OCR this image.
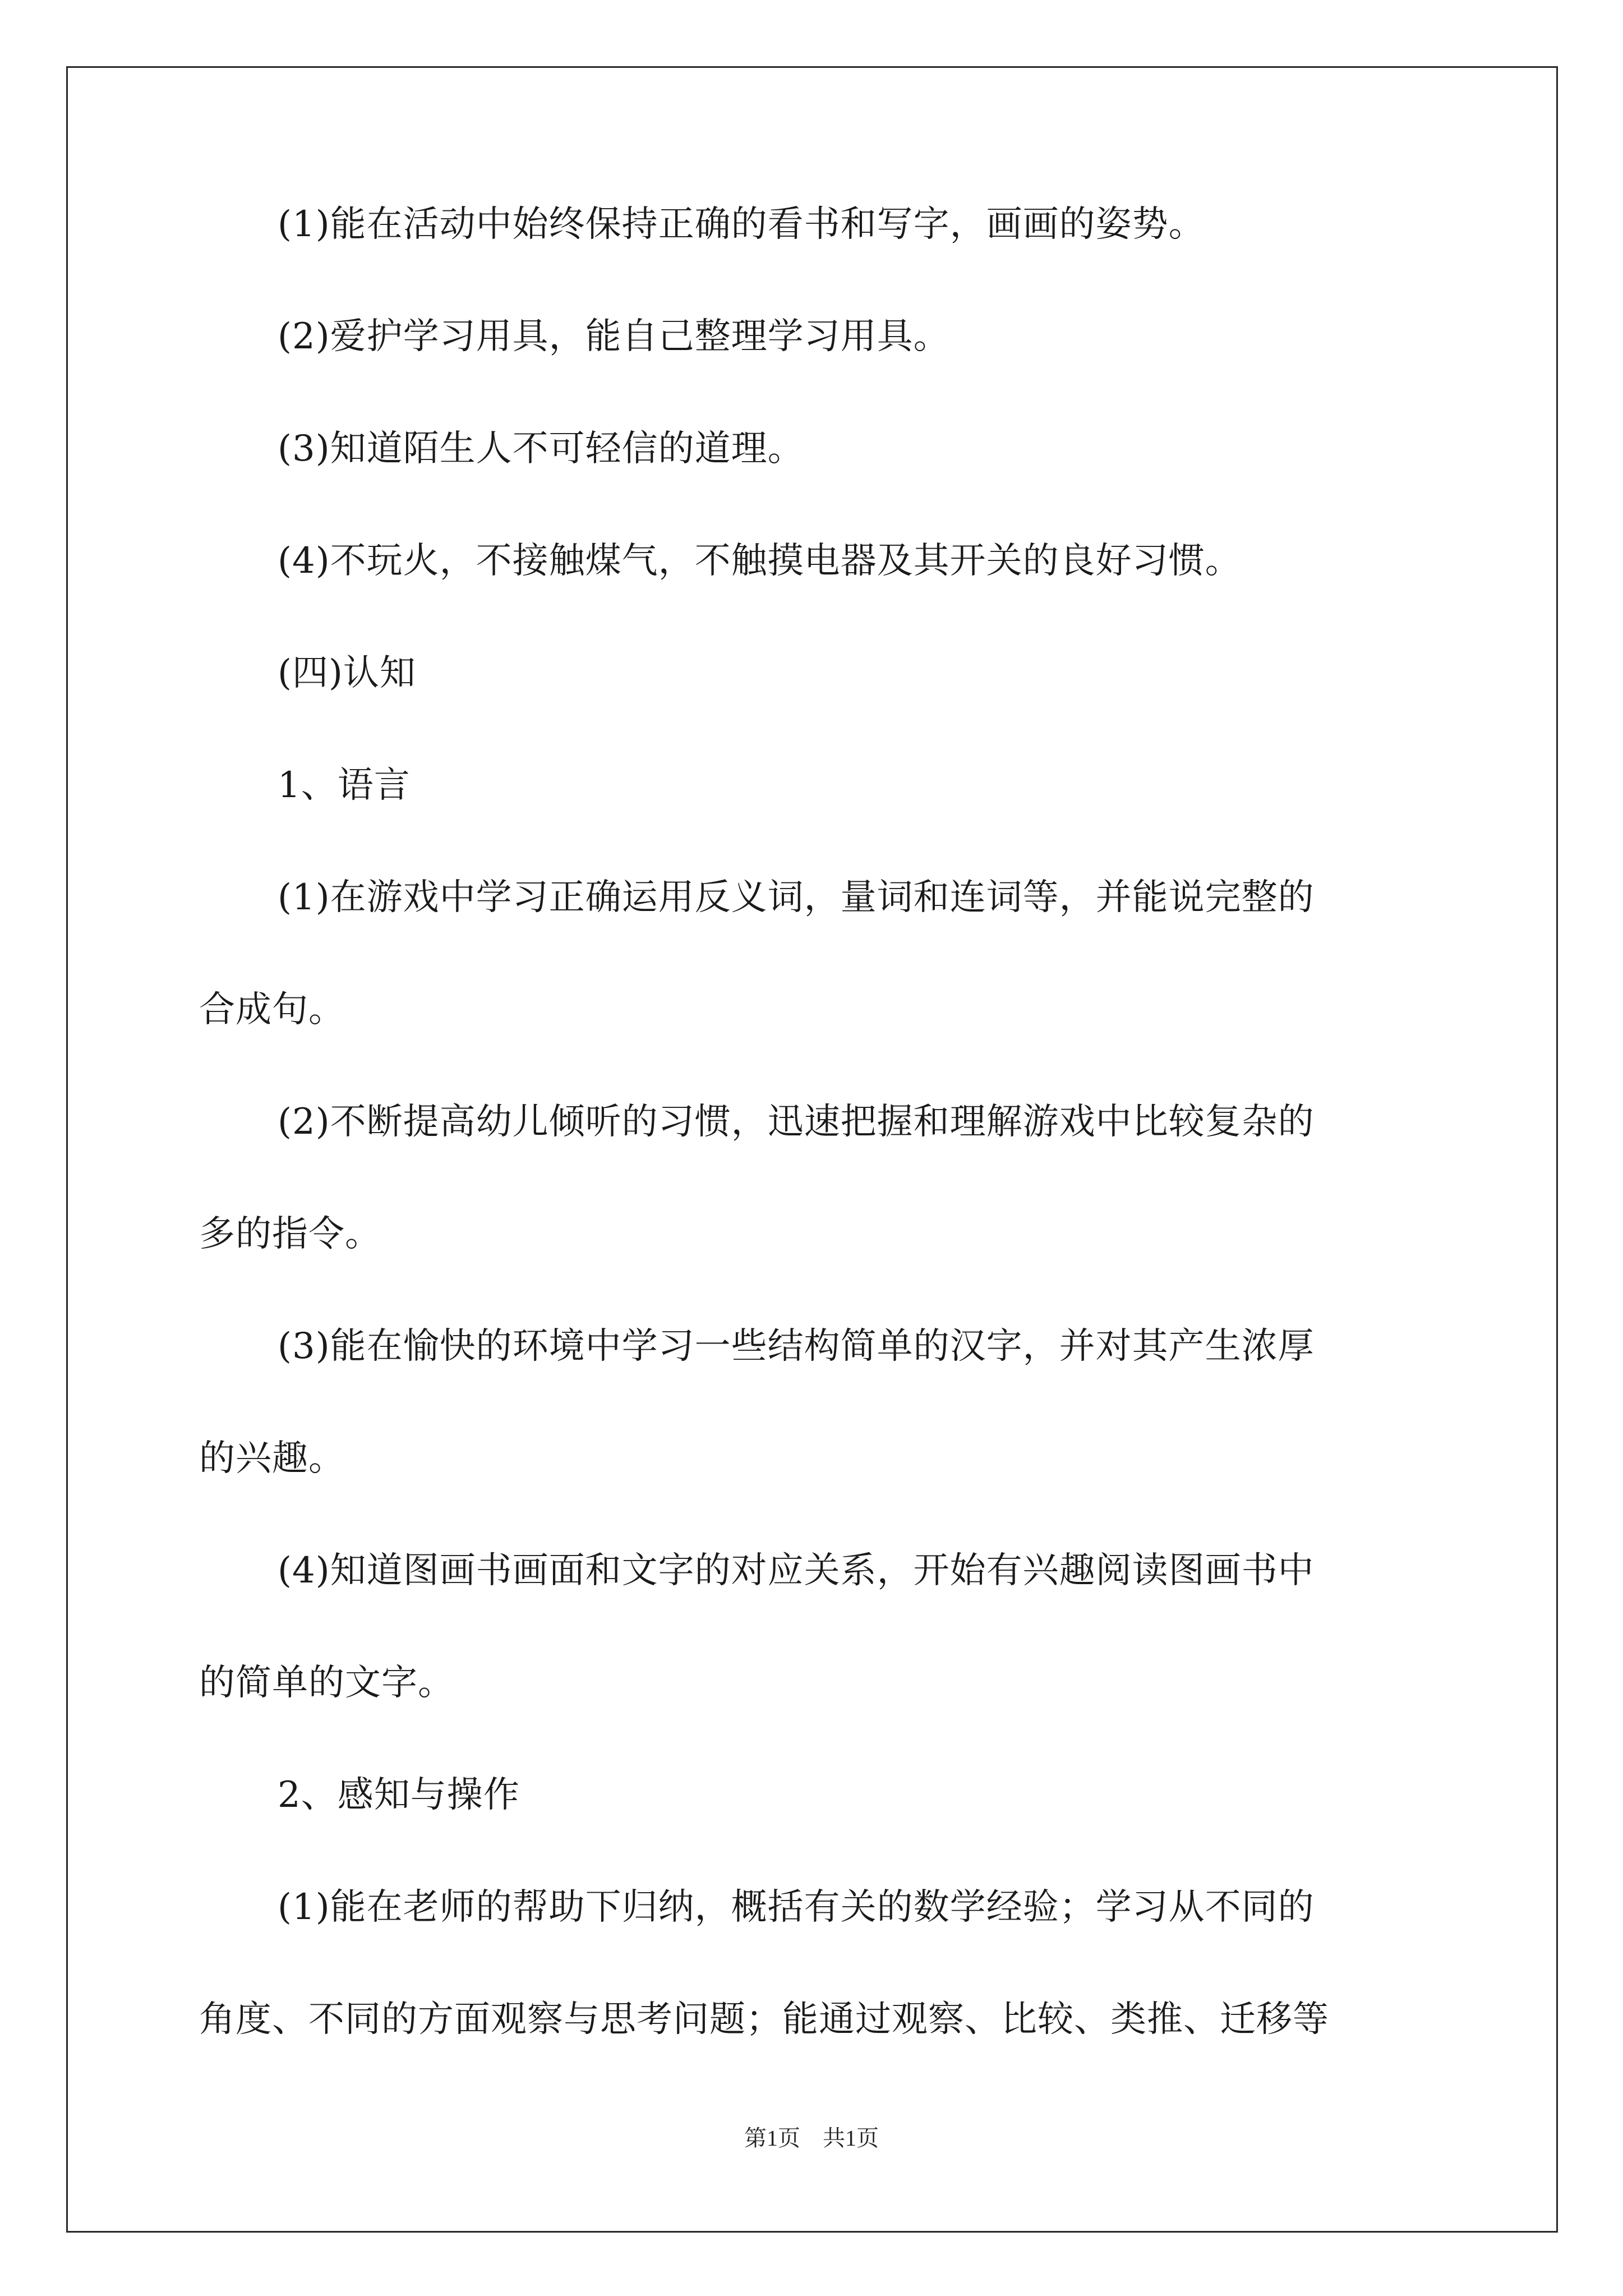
(1)能在活动中始终保持正确的看书和写字，画画的姿势。
(2)爱护学习用具，能自己整理学习用具。
(3)知道陌生人不可轻信的道理。
(4)不玩火，不接触煤气，不触摸电器及其开关的良好习惯。
(四)认知
1、语言
(1)在游戏中学习正确运用反义词，量词和连词等，并能说完整的
合成句。
(2)不断提高幼儿倾听的习惯，迅速把握和理解游戏中比较复杂的
多的指令。
(3)能在愉快的环境中学习一些结构简单的汉字，并对其产生浓厚
的兴趣。
(4)知道图画书画面和文字的对应关系，开始有兴趣阅读图画书中
的简单的文字。
2、感知与操作
(1)能在老师的帮助下归纳，概括有关的数学经验；学习从不同的
角度、不同的方面观察与思考问题；能通过观察、比较、类推、迁移等
第1页 共1页
